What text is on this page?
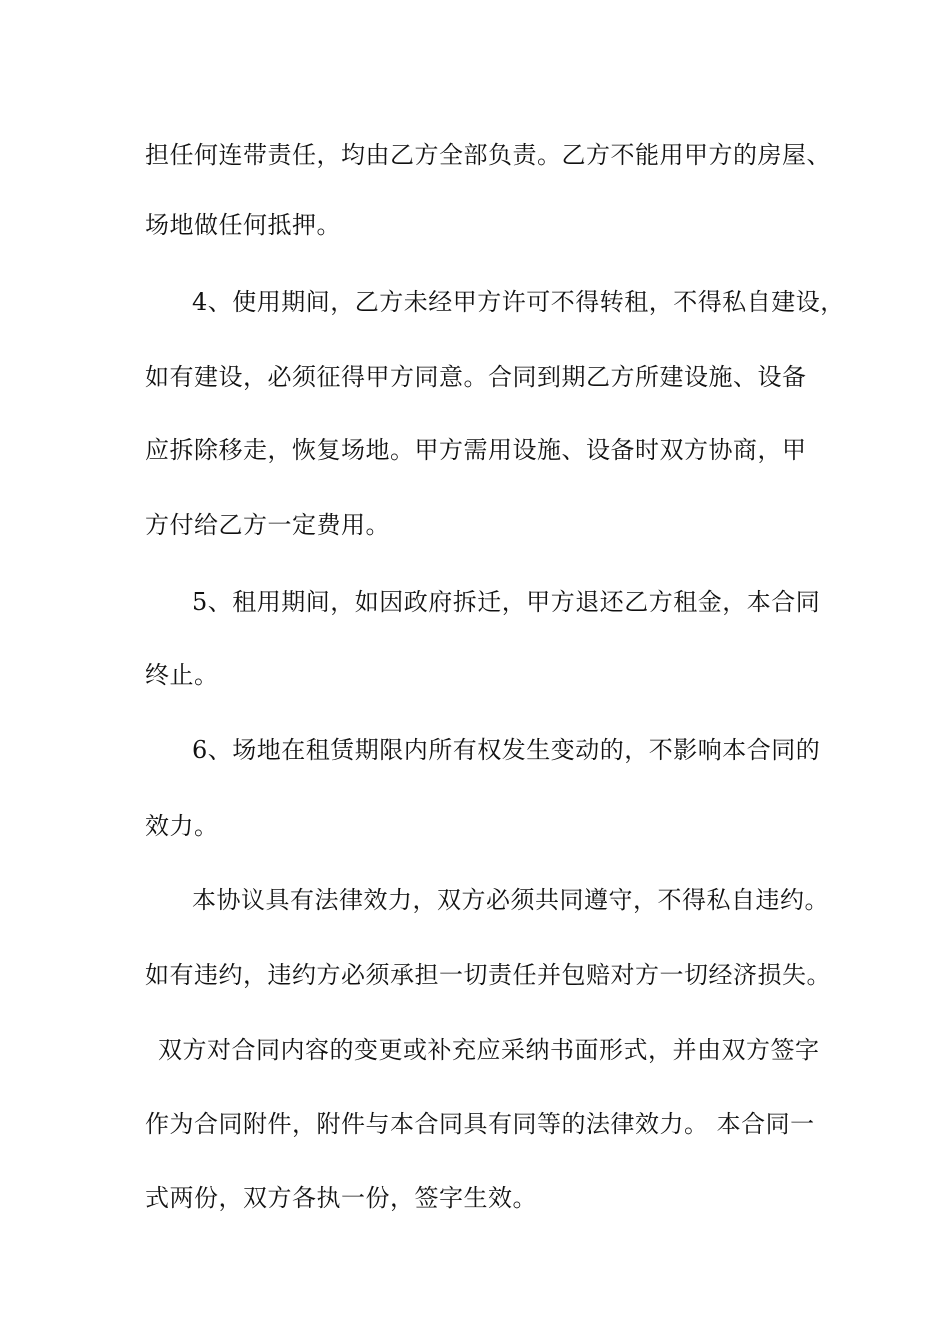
担任何连带责任，均由乙方全部负责。乙方不能用甲方的房屋、
场地做任何抵押。
4、使用期间，乙方未经甲方许可不得转租，不得私自建设，
如有建设，必须征得甲方同意。合同到期乙方所建设施、设备
应拆除移走，恢复场地。甲方需用设施、设备时双方协商，甲
方付给乙方一定费用。
5、租用期间，如因政府拆迁，甲方退还乙方租金，本合同
终止。
6、场地在租赁期限内所有权发生变动的，不影响本合同的
效力。
本协议具有法律效力，双方必须共同遵守，不得私自违约。
如有违约，违约方必须承担一切责任并包赔对方一切经济损失。
双方对合同内容的变更或补充应采纳书面形式，并由双方签字
作为合同附件，附件与本合同具有同等的法律效力。 本合同一
式两份，双方各执一份，签字生效。
